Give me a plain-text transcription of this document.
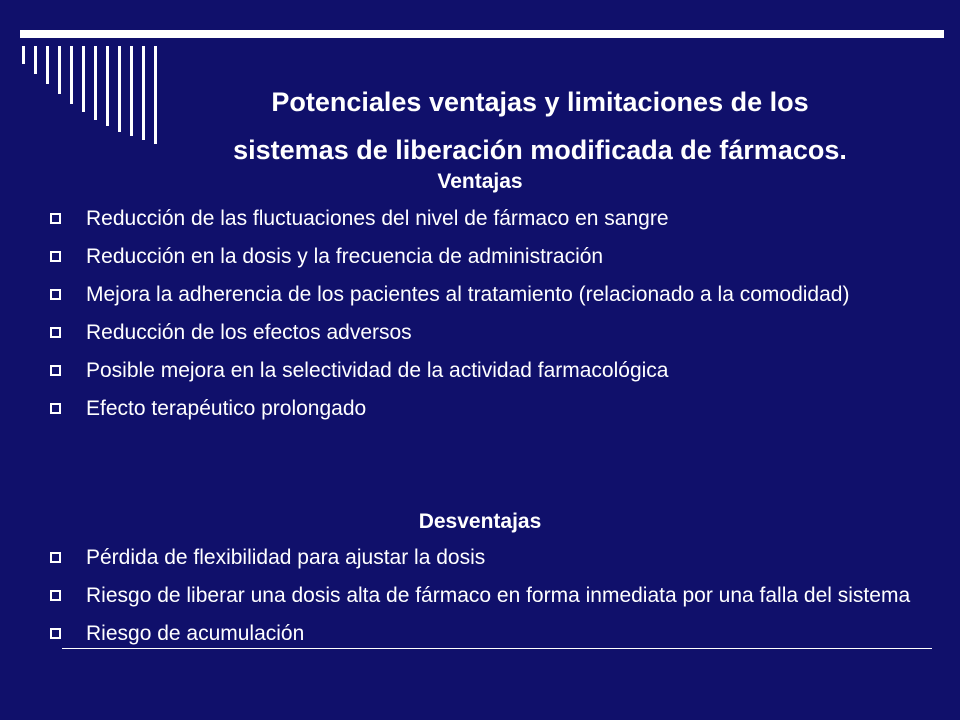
Potenciales ventajas y limitaciones de los
sistemas de liberación modificada de fármacos.
Ventajas
Reducción de las fluctuaciones del nivel de fármaco en sangre
Reducción en la dosis y la frecuencia de administración
Mejora la adherencia de los pacientes al tratamiento (relacionado a la comodidad)
Reducción de los efectos adversos
Posible mejora en la selectividad de la actividad farmacológica
Efecto terapéutico prolongado
Desventajas
Pérdida de flexibilidad para ajustar la dosis
Riesgo de liberar una dosis alta de fármaco en forma inmediata por una falla del sistema
Riesgo de acumulación
